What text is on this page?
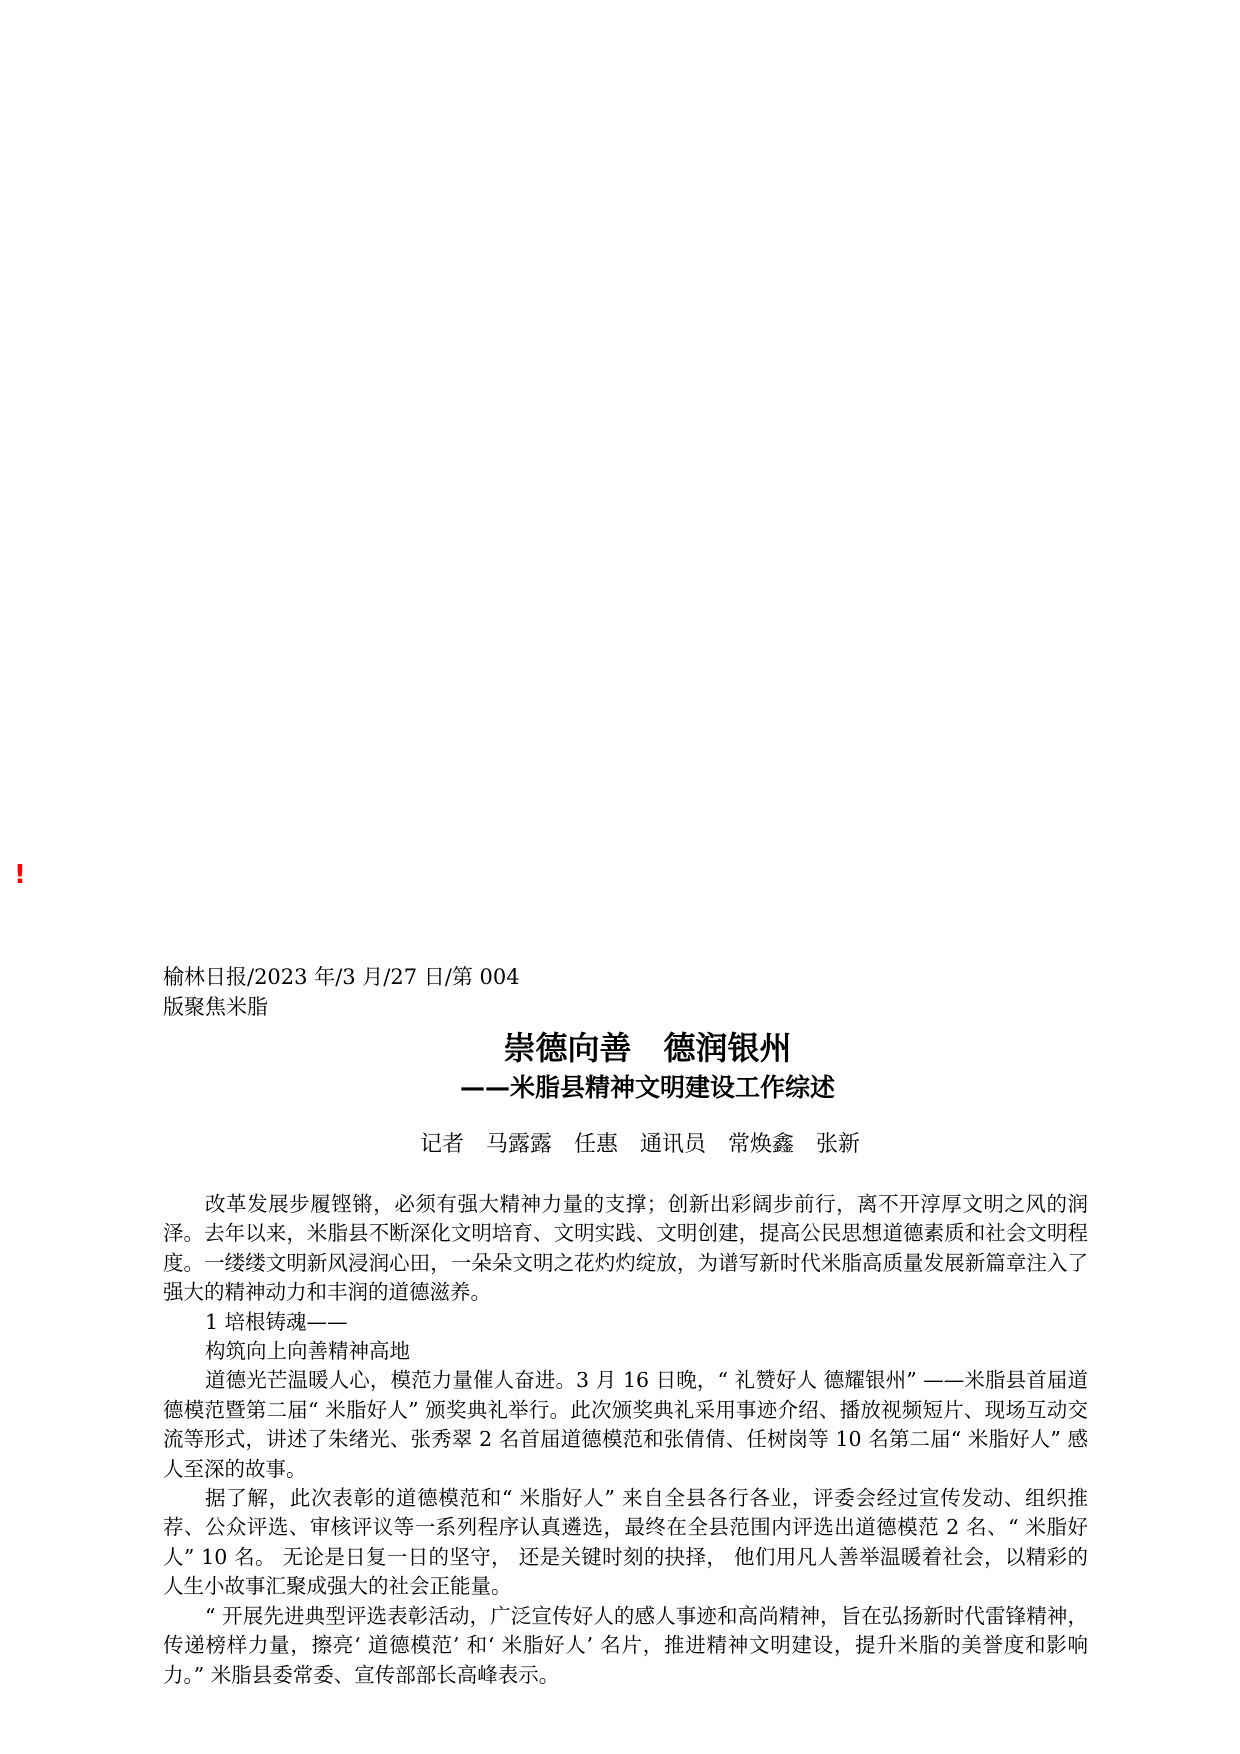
!
榆林日报/2023 年/3 月/27 日/第 004
版聚焦米脂
崇德向善　德润银州
——米脂县精神文明建设工作综述
记者　马露露　任惠　通讯员　常焕鑫　张新

改革发展步履铿锵，必须有强大精神力量的支撑；创新出彩阔步前行，离不开淳厚文明之风的润泽。去年以来，米脂县不断深化文明培育、文明实践、文明创建，提高公民思想道德素质和社会文明程度。一缕缕文明新风浸润心田，一朵朵文明之花灼灼绽放，为谱写新时代米脂高质量发展新篇章注入了强大的精神动力和丰润的道德滋养。

1 培根铸魂——

构筑向上向善精神高地

道德光芒温暖人心，模范力量催人奋进。3 月 16 日晚，“ 礼赞好人 德耀银州” ——米脂县首届道德模范暨第二届“ 米脂好人” 颁奖典礼举行。此次颁奖典礼采用事迹介绍、播放视频短片、现场互动交流等形式，讲述了朱绪光、张秀翠 2 名首届道德模范和张倩倩、任树岗等 10 名第二届“ 米脂好人” 感人至深的故事。

据了解，此次表彰的道德模范和“ 米脂好人” 来自全县各行各业，评委会经过宣传发动、组织推荐、公众评选、审核评议等一系列程序认真遴选，最终在全县范围内评选出道德模范 2 名、“ 米脂好人” 10 名。 无论是日复一日的坚守， 还是关键时刻的抉择， 他们用凡人善举温暖着社会，以精彩的人生小故事汇聚成强大的社会正能量。

“ 开展先进典型评选表彰活动，广泛宣传好人的感人事迹和高尚精神，旨在弘扬新时代雷锋精神，传递榜样力量，擦亮‘ 道德模范’ 和‘ 米脂好人’ 名片，推进精神文明建设，提升米脂的美誉度和影响力。” 米脂县委常委、宣传部部长高峰表示。
